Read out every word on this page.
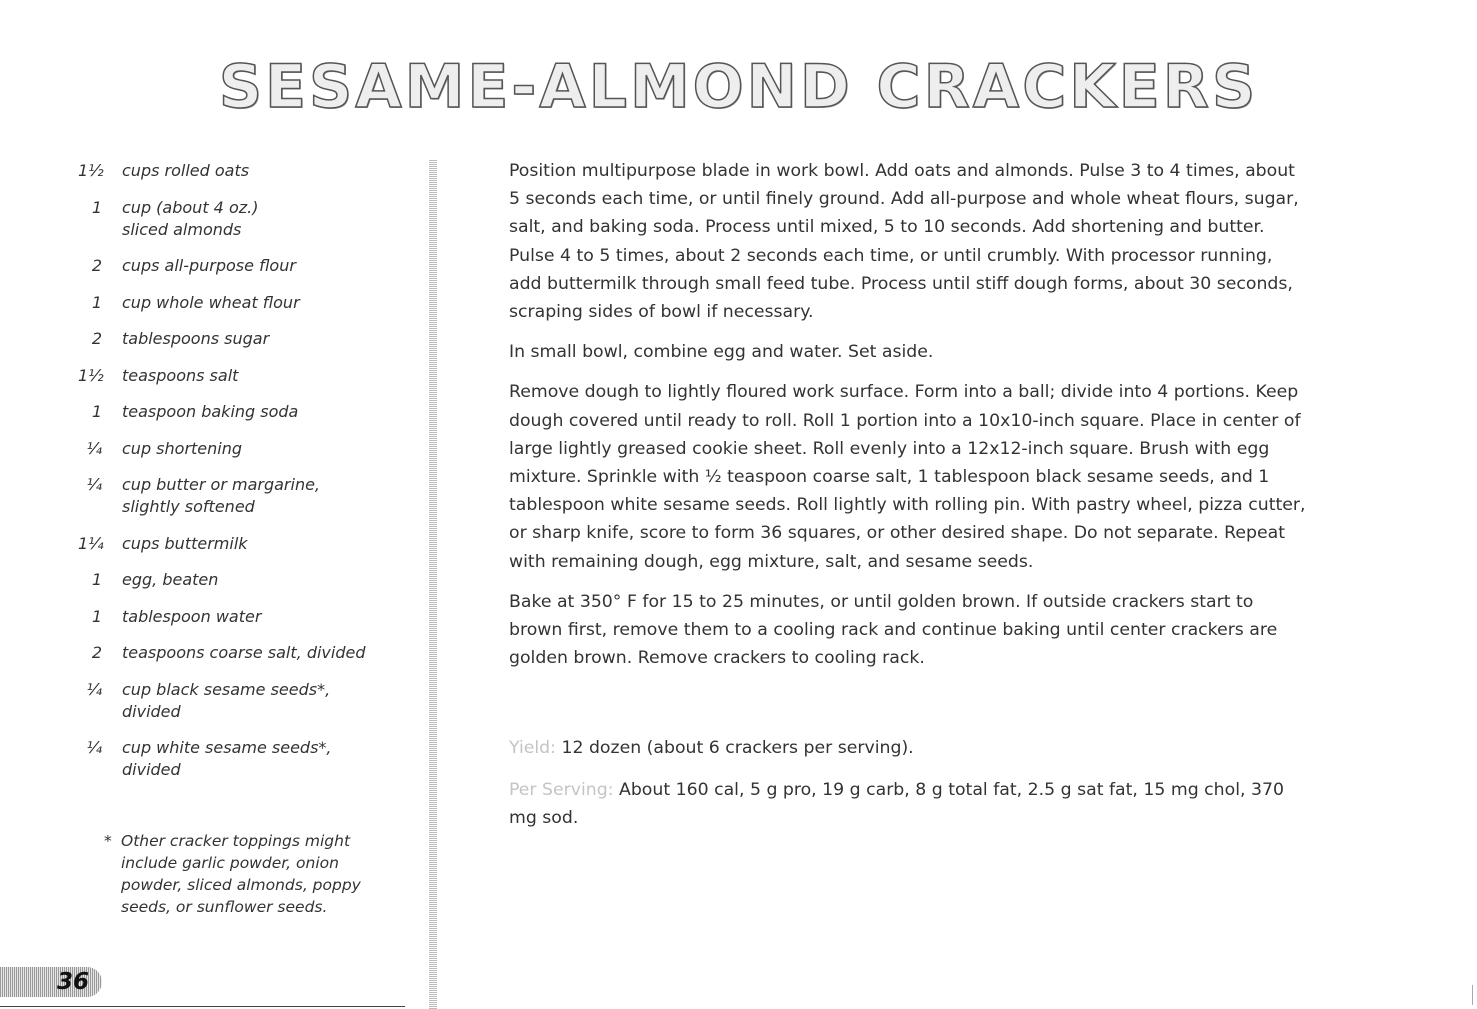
SESAME-ALMOND CRACKERS
1½	cups rolled oats
1	cup (about 4 oz.) sliced almonds
2	cups all-purpose flour
1	cup whole wheat flour
2	tablespoons sugar
1½	teaspoons salt
1	teaspoon baking soda
¼	cup shortening
¼	cup butter or margarine, slightly softened
1¼	cups buttermilk
1	egg, beaten
1	tablespoon water
2	teaspoons coarse salt, divided
¼	cup black sesame seeds*, divided
¼	cup white sesame seeds*, divided
* Other cracker toppings might include garlic powder, onion powder, sliced almonds, poppy seeds, or sunflower seeds.

Position multipurpose blade in work bowl. Add oats and almonds. Pulse 3 to 4 times, about 5 seconds each time, or until finely ground. Add all-purpose and whole wheat flours, sugar, salt, and baking soda. Process until mixed, 5 to 10 seconds. Add shortening and butter. Pulse 4 to 5 times, about 2 seconds each time, or until crumbly. With processor running, add buttermilk through small feed tube. Process until stiff dough forms, about 30 seconds, scraping sides of bowl if necessary.

In small bowl, combine egg and water. Set aside.

Remove dough to lightly floured work surface. Form into a ball; divide into 4 portions. Keep dough covered until ready to roll. Roll 1 portion into a 10x10-inch square. Place in center of large lightly greased cookie sheet. Roll evenly into a 12x12-inch square. Brush with egg mixture. Sprinkle with ½ teaspoon coarse salt, 1 tablespoon black sesame seeds, and 1 tablespoon white sesame seeds. Roll lightly with rolling pin. With pastry wheel, pizza cutter, or sharp knife, score to form 36 squares, or other desired shape. Do not separate. Repeat with remaining dough, egg mixture, salt, and sesame seeds.

Bake at 350° F for 15 to 25 minutes, or until golden brown. If outside crackers start to brown first, remove them to a cooling rack and continue baking until center crackers are golden brown. Remove crackers to cooling rack.

Yield: 12 dozen (about 6 crackers per serving).

Per Serving: About 160 cal, 5 g pro, 19 g carb, 8 g total fat, 2.5 g sat fat, 15 mg chol, 370 mg sod.

36
